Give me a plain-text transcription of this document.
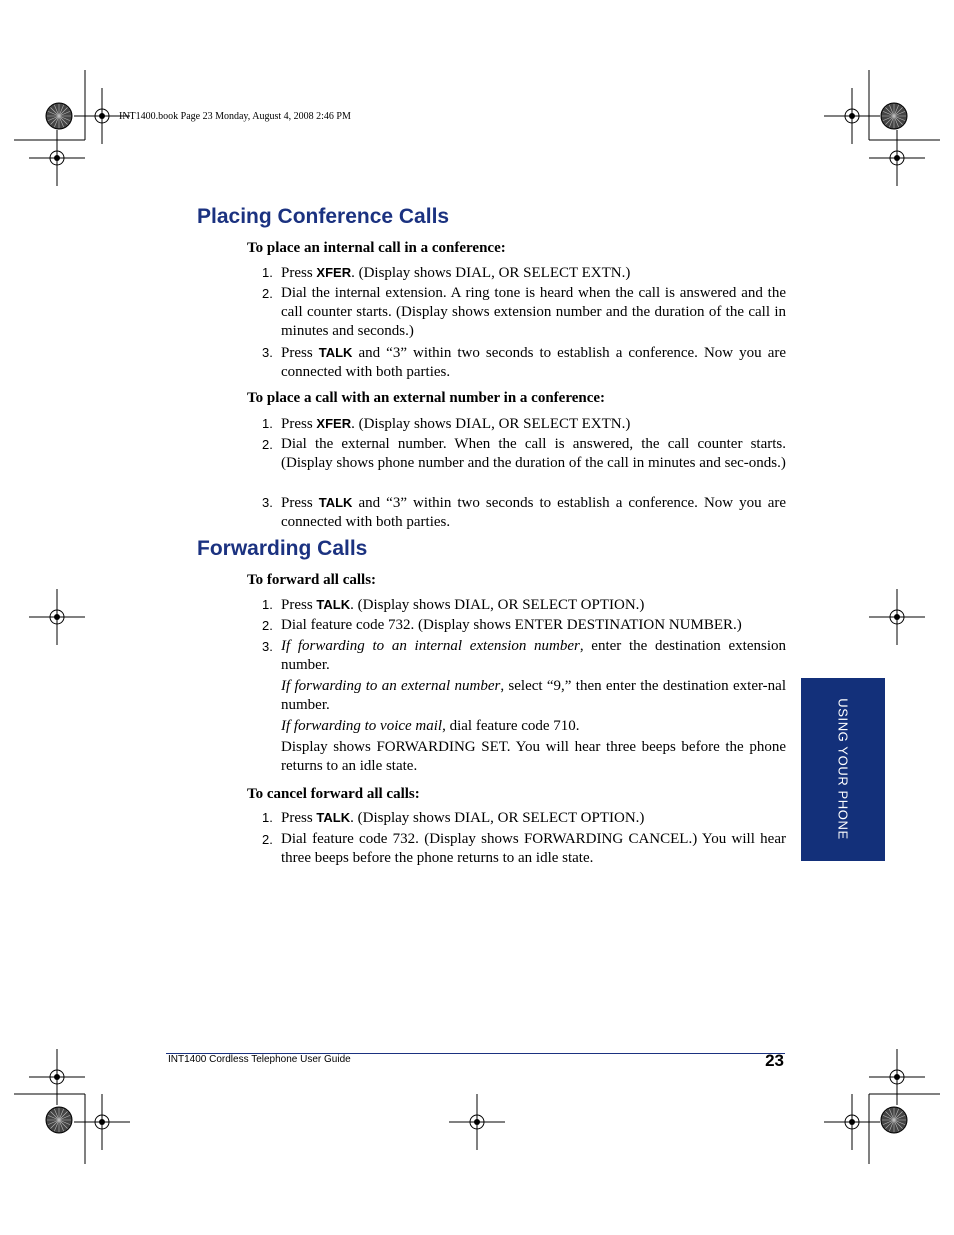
INT1400.book Page 23 Monday, August 4, 2008 2:46 PM
Placing Conference Calls
To place an internal call in a conference:
1. Press XFER. (Display shows DIAL, OR SELECT EXTN.)
2. Dial the internal extension. A ring tone is heard when the call is answered and the call counter starts. (Display shows extension number and the duration of the call in minutes and seconds.)
3. Press TALK and “3” within two seconds to establish a conference. Now you are connected with both parties.
To place a call with an external number in a conference:
1. Press XFER. (Display shows DIAL, OR SELECT EXTN.)
2. Dial the external number. When the call is answered, the call counter starts. (Display shows phone number and the duration of the call in minutes and sec-onds.)
3. Press TALK and “3” within two seconds to establish a conference. Now you are connected with both parties.
Forwarding Calls
To forward all calls:
1. Press TALK. (Display shows DIAL, OR SELECT OPTION.)
2. Dial feature code 732. (Display shows ENTER DESTINATION NUMBER.)
3. If forwarding to an internal extension number, enter the destination extension number.
If forwarding to an external number, select “9,” then enter the destination exter-nal number.
If forwarding to voice mail, dial feature code 710.
Display shows FORWARDING SET. You will hear three beeps before the phone returns to an idle state.
To cancel forward all calls:
1. Press TALK. (Display shows DIAL, OR SELECT OPTION.)
2. Dial feature code 732. (Display shows FORWARDING CANCEL.) You will hear three beeps before the phone returns to an idle state.
USING YOUR PHONE
INT1400 Cordless Telephone User Guide	23
